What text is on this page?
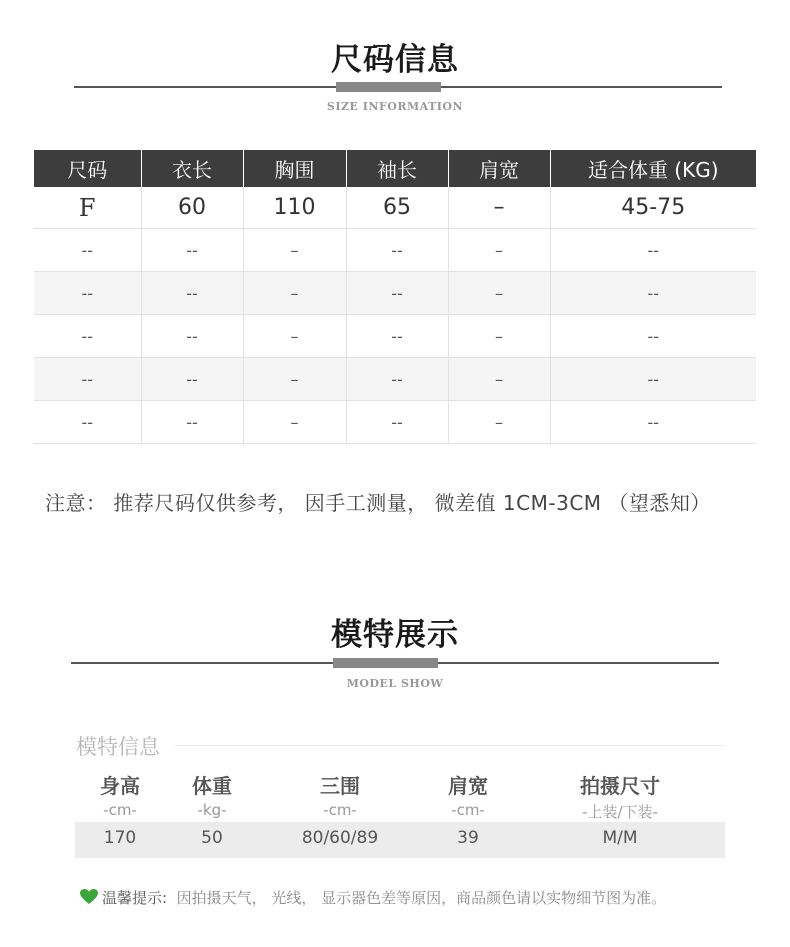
尺码信息
SIZE INFORMATION
尺码	衣长	胸围	袖长	肩宽	适合体重 (KG)
F	60	110	65	–	45-75
--	--	–	--	–	--
--	--	–	--	–	--
--	--	–	--	–	--
--	--	–	--	–	--
--	--	–	--	–	--
注意： 推荐尺码仅供参考， 因手工测量， 微差值 1CM-3CM （望悉知）
模特展示
MODEL SHOW
模特信息
身高	体重	三围	肩宽	拍摄尺寸
-cm-	-kg-	-cm-	-cm-	-上装/下装-
170	50	80/60/89	39	M/M
温馨提示: 因拍摄天气， 光线， 显示器色差等原因，商品颜色请以实物细节图为准。
